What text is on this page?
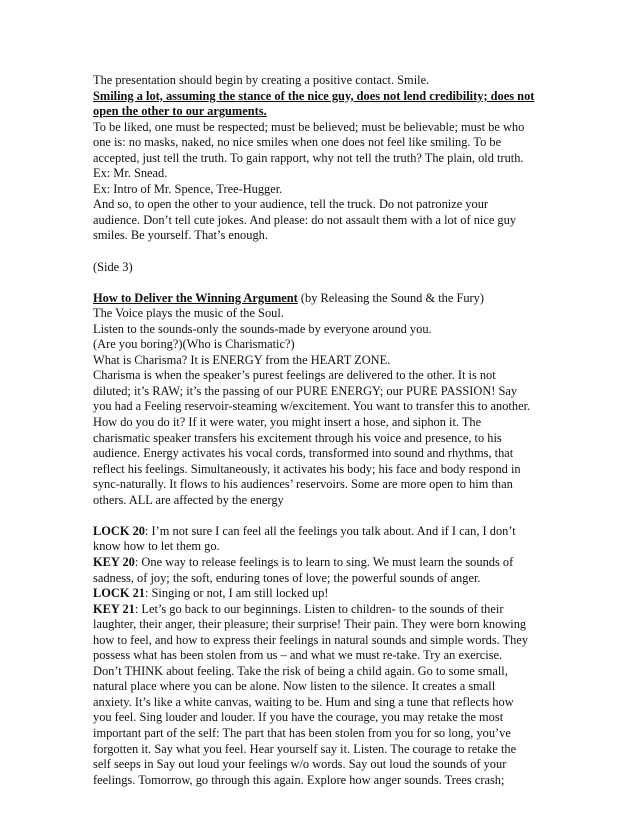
The presentation should begin by creating a positive contact. Smile.
Smiling a lot, assuming the stance of the nice guy, does not lend credibility; does not
open the other to our arguments.
To be liked, one must be respected; must be believed; must be believable; must be who
one is: no masks, naked, no nice smiles when one does not feel like smiling. To be
accepted, just tell the truth. To gain rapport, why not tell the truth? The plain, old truth.
Ex: Mr. Snead.
Ex: Intro of Mr. Spence, Tree-Hugger.
And so, to open the other to your audience, tell the truck. Do not patronize your
audience. Don’t tell cute jokes. And please: do not assault them with a lot of nice guy
smiles. Be yourself. That’s enough.
(Side 3)
How to Deliver the Winning Argument (by Releasing the Sound & the Fury)
The Voice plays the music of the Soul.
Listen to the sounds-only the sounds-made by everyone around you.
(Are you boring?)(Who is Charismatic?)
What is Charisma? It is ENERGY from the HEART ZONE.
Charisma is when the speaker’s purest feelings are delivered to the other. It is not
diluted; it’s RAW; it’s the passing of our PURE ENERGY; our PURE PASSION! Say
you had a Feeling reservoir-steaming w/excitement. You want to transfer this to another.
How do you do it? If it were water, you might insert a hose, and siphon it. The
charismatic speaker transfers his excitement through his voice and presence, to his
audience. Energy activates his vocal cords, transformed into sound and rhythms, that
reflect his feelings. Simultaneously, it activates his body; his face and body respond in
sync-naturally. It flows to his audiences’ reservoirs. Some are more open to him than
others. ALL are affected by the energy
LOCK 20: I’m not sure I can feel all the feelings you talk about. And if I can, I don’t
know how to let them go.
KEY 20: One way to release feelings is to learn to sing. We must learn the sounds of
sadness, of joy; the soft, enduring tones of love; the powerful sounds of anger.
LOCK 21: Singing or not, I am still locked up!
KEY 21: Let’s go back to our beginnings. Listen to children- to the sounds of their
laughter, their anger, their pleasure; their surprise! Their pain. They were born knowing
how to feel, and how to express their feelings in natural sounds and simple words. They
possess what has been stolen from us – and what we must re-take. Try an exercise.
Don’t THINK about feeling. Take the risk of being a child again. Go to some small,
natural place where you can be alone. Now listen to the silence. It creates a small
anxiety. It’s like a white canvas, waiting to be. Hum and sing a tune that reflects how
you feel. Sing louder and louder. If you have the courage, you may retake the most
important part of the self: The part that has been stolen from you for so long, you’ve
forgotten it. Say what you feel. Hear yourself say it. Listen. The courage to retake the
self seeps in Say out loud your feelings w/o words. Say out loud the sounds of your
feelings. Tomorrow, go through this again. Explore how anger sounds. Trees crash;
